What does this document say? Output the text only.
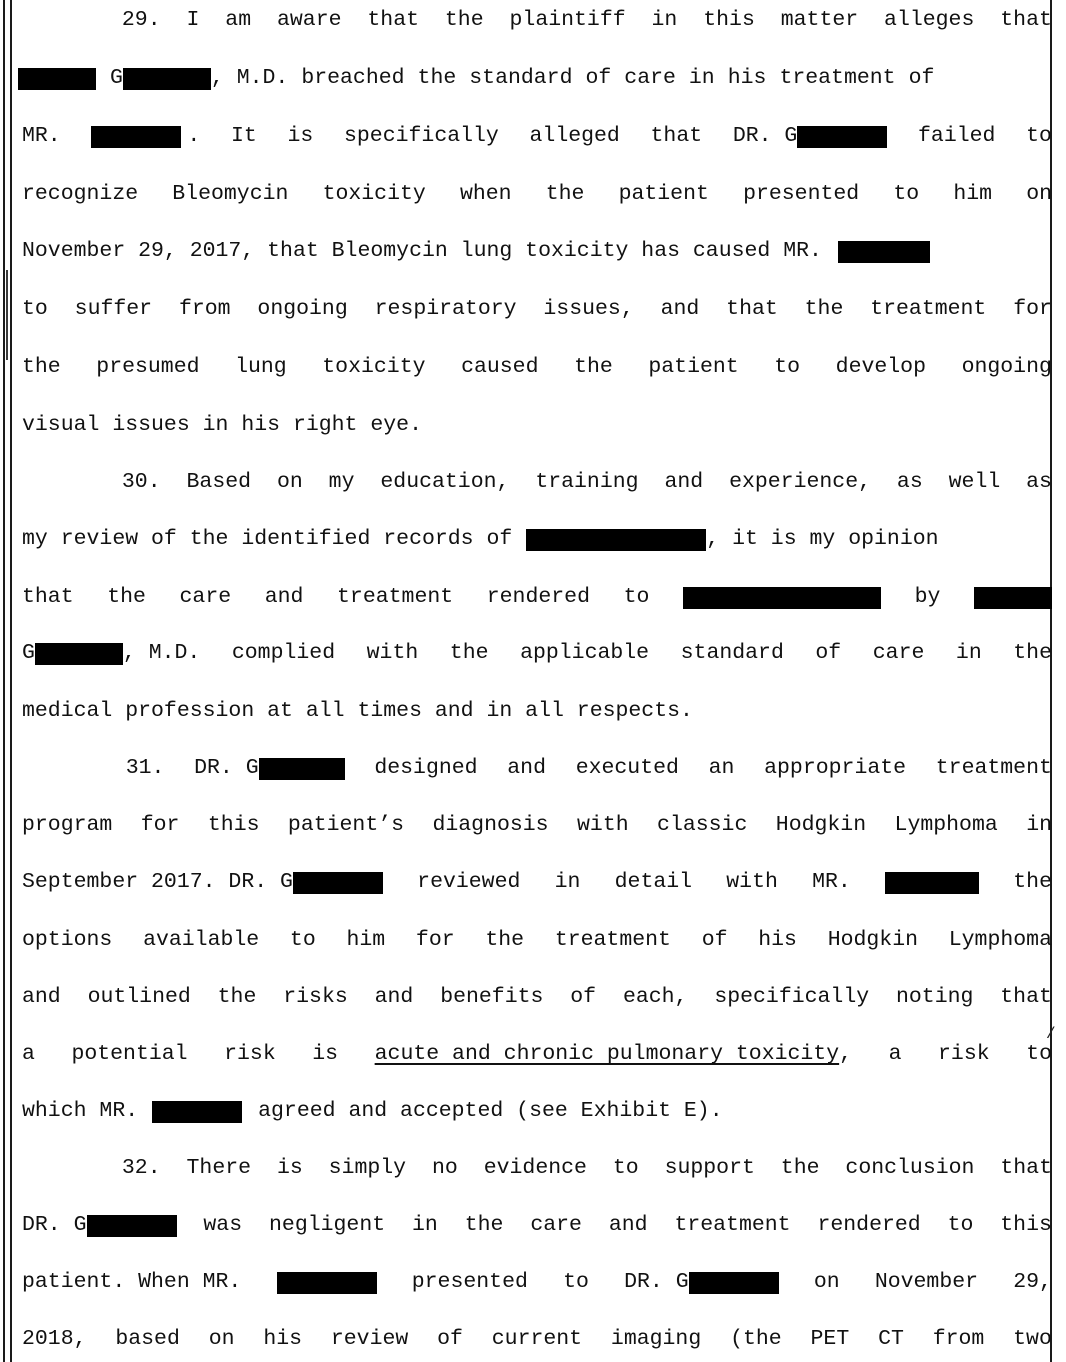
29. I am aware that the plaintiff in this matter alleges that
G	, M.D. breached the standard of care in his treatment of
MR.	. It is specifically alleged that DR. G	failed to
recognize Bleomycin toxicity when the patient presented to him on
November 29, 2017, that Bleomycin lung toxicity has caused MR.
to suffer from ongoing respiratory issues, and that the treatment for
the presumed lung toxicity caused the patient to develop ongoing
visual issues in his right eye.
30. Based on my education, training and experience, as well as
my review of the identified records of	, it is my opinion
that the care and treatment rendered to	by
G	, M.D. complied with the applicable standard of care in the
medical profession at all times and in all respects.
31. DR. G	designed and executed an appropriate treatment
program for this patient’s diagnosis with classic Hodgkin Lymphoma in
September 2017. DR. G	reviewed in detail with MR.	the
options available to him for the treatment of his Hodgkin Lymphoma
and outlined the risks and benefits of each, specifically noting that
a potential risk is acute and chronic pulmonary toxicity , a risk to
which MR.	agreed and accepted (see Exhibit E).
32. There is simply no evidence to support the conclusion that
DR. G	was negligent in the care and treatment rendered to this
patient. When MR.	presented to DR. G	on November 29,
2018, based on his review of current imaging (the PET CT from two
/
